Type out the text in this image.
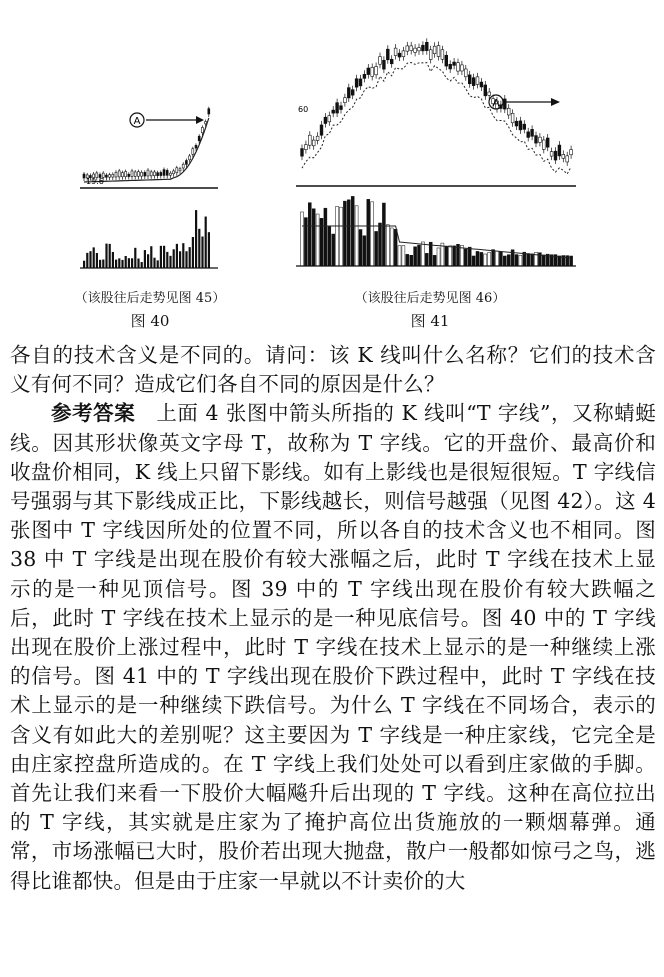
A
19.6
（该股往后走势见图 45）
图 40
A
60
（该股往后走势见图 46）
图 41

各自的技术含义是不同的。请问：该 K 线叫什么名称？它们的技术含义有何不同？造成它们各自不同的原因是什么？

参考答案　 上面 4 张图中箭头所指的 K 线叫“T 字线”，又称蜻蜓线。因其形状像英文字母 T，故称为 T 字线。它的开盘价、最高价和收盘价相同，K 线上只留下影线。如有上影线也是很短很短。T 字线信号强弱与其下影线成正比，下影线越长，则信号越强（见图 42）。这 4 张图中 T 字线因所处的位置不同，所以各自的技术含义也不相同。图 38 中 T 字线是出现在股价有较大涨幅之后，此时 T 字线在技术上显示的是一种见顶信号。图 39 中的 T 字线出现在股价有较大跌幅之后，此时 T 字线在技术上显示的是一种见底信号。图 40 中的 T 字线出现在股价上涨过程中，此时 T 字线在技术上显示的是一种继续上涨的信号。图 41 中的 T 字线出现在股价下跌过程中，此时 T 字线在技术上显示的是一种继续下跌信号。为什么 T 字线在不同场合，表示的含义有如此大的差别呢？这主要因为 T 字线是一种庄家线，它完全是由庄家控盘所造成的。在 T 字线上我们处处可以看到庄家做的手脚。首先让我们来看一下股价大幅飚升后出现的 T 字线。这种在高位拉出的 T 字线，其实就是庄家为了掩护高位出货施放的一颗烟幕弹。通常，市场涨幅已大时，股价若出现大抛盘，散户一般都如惊弓之鸟，逃得比谁都快。但是由于庄家一早就以不计卖价的大
